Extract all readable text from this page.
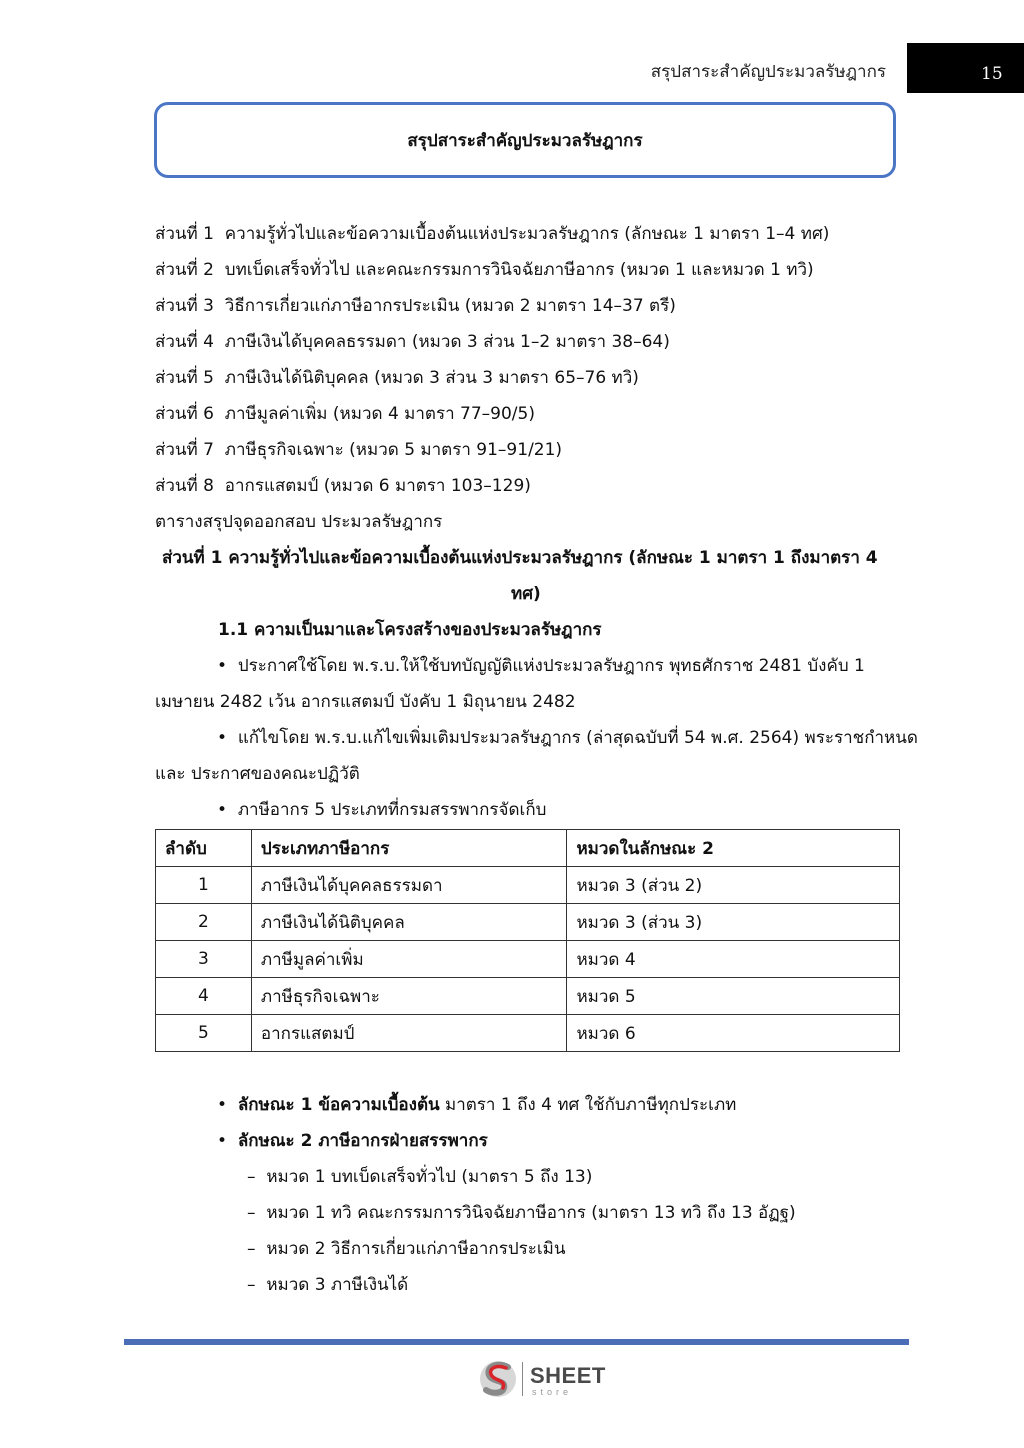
สรุปสาระสำคัญประมวลรัษฎากร	15
สรุปสาระสำคัญประมวลรัษฎากร
ส่วนที่ 1 ความรู้ทั่วไปและข้อความเบื้องต้นแห่งประมวลรัษฎากร (ลักษณะ 1 มาตรา 1–4 ทศ)
ส่วนที่ 2 บทเบ็ดเสร็จทั่วไป และคณะกรรมการวินิจฉัยภาษีอากร (หมวด 1 และหมวด 1 ทวิ)
ส่วนที่ 3 วิธีการเกี่ยวแก่ภาษีอากรประเมิน (หมวด 2 มาตรา 14–37 ตรี)
ส่วนที่ 4 ภาษีเงินได้บุคคลธรรมดา (หมวด 3 ส่วน 1–2 มาตรา 38–64)
ส่วนที่ 5 ภาษีเงินได้นิติบุคคล (หมวด 3 ส่วน 3 มาตรา 65–76 ทวิ)
ส่วนที่ 6 ภาษีมูลค่าเพิ่ม (หมวด 4 มาตรา 77–90/5)
ส่วนที่ 7 ภาษีธุรกิจเฉพาะ (หมวด 5 มาตรา 91–91/21)
ส่วนที่ 8 อากรแสตมป์ (หมวด 6 มาตรา 103–129)
ตารางสรุปจุดออกสอบ ประมวลรัษฎากร
ส่วนที่ 1 ความรู้ทั่วไปและข้อความเบื้องต้นแห่งประมวลรัษฎากร (ลักษณะ 1 มาตรา 1 ถึงมาตรา 4
ทศ)
1.1 ความเป็นมาและโครงสร้างของประมวลรัษฎากร
• ประกาศใช้โดย พ.ร.บ.ให้ใช้บทบัญญัติแห่งประมวลรัษฎากร พุทธศักราช 2481 บังคับ 1
เมษายน 2482 เว้น อากรแสตมป์ บังคับ 1 มิถุนายน 2482
• แก้ไขโดย พ.ร.บ.แก้ไขเพิ่มเติมประมวลรัษฎากร (ล่าสุดฉบับที่ 54 พ.ศ. 2564) พระราชกำหนด
และ ประกาศของคณะปฏิวัติ
• ภาษีอากร 5 ประเภทที่กรมสรรพากรจัดเก็บ
ลำดับ	ประเภทภาษีอากร	หมวดในลักษณะ 2
1	ภาษีเงินได้บุคคลธรรมดา	หมวด 3 (ส่วน 2)
2	ภาษีเงินได้นิติบุคคล	หมวด 3 (ส่วน 3)
3	ภาษีมูลค่าเพิ่ม	หมวด 4
4	ภาษีธุรกิจเฉพาะ	หมวด 5
5	อากรแสตมป์	หมวด 6
• ลักษณะ 1 ข้อความเบื้องต้น มาตรา 1 ถึง 4 ทศ ใช้กับภาษีทุกประเภท
• ลักษณะ 2 ภาษีอากรฝ่ายสรรพากร
– หมวด 1 บทเบ็ดเสร็จทั่วไป (มาตรา 5 ถึง 13)
– หมวด 1 ทวิ คณะกรรมการวินิจฉัยภาษีอากร (มาตรา 13 ทวิ ถึง 13 อัฏฐ)
– หมวด 2 วิธีการเกี่ยวแก่ภาษีอากรประเมิน
– หมวด 3 ภาษีเงินได้
SHEET
store
